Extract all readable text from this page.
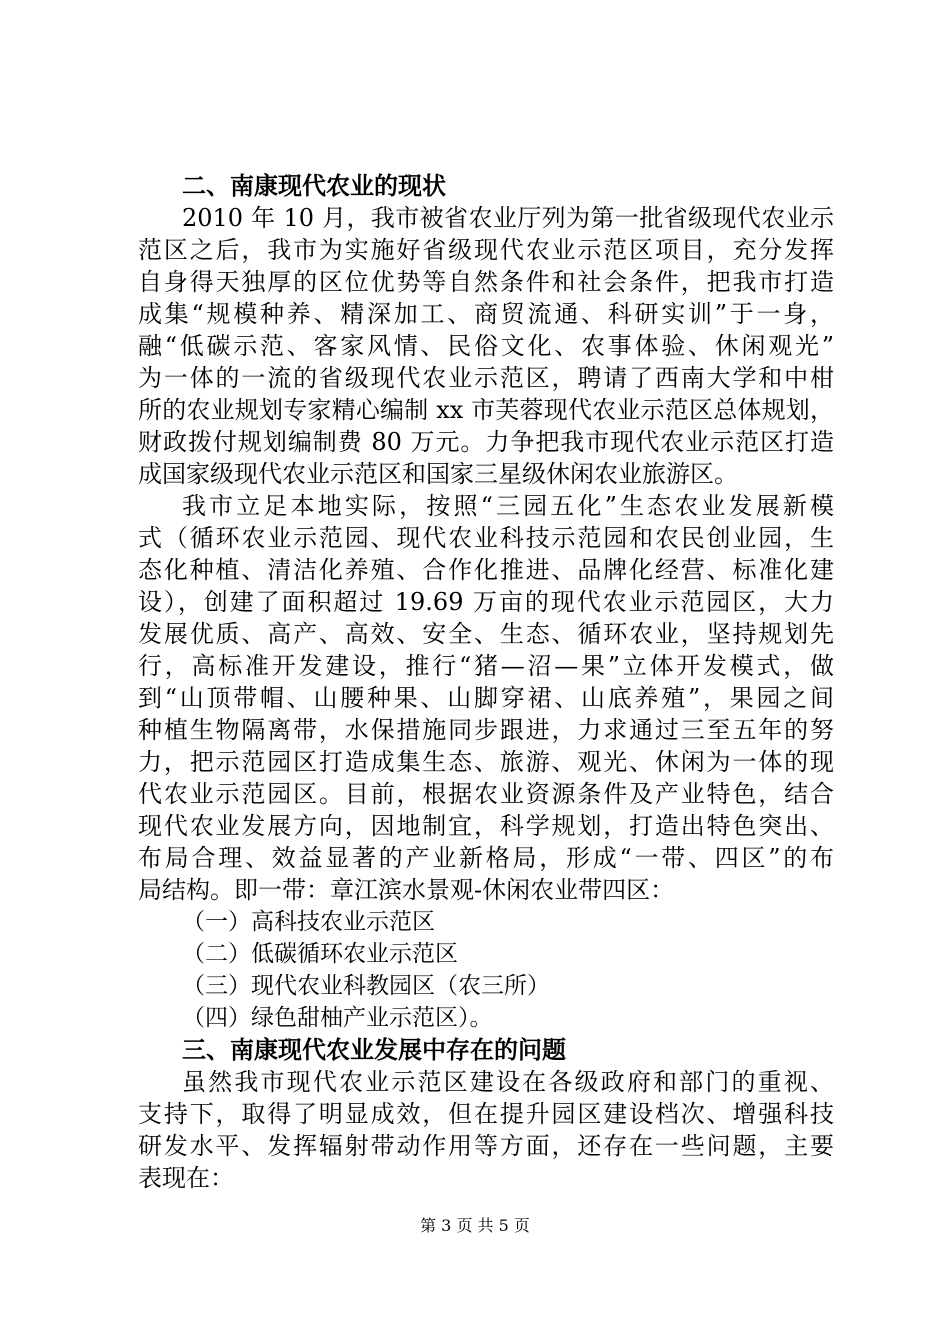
二、南康现代农业的现状
2010 年 10 月，我市被省农业厅列为第一批省级现代农业示
范区之后，我市为实施好省级现代农业示范区项目，充分发挥
自身得天独厚的区位优势等自然条件和社会条件，把我市打造
成集“规模种养、精深加工、商贸流通、科研实训”于一身，
融“低碳示范、客家风情、民俗文化、农事体验、休闲观光”
为一体的一流的省级现代农业示范区，聘请了西南大学和中柑
所的农业规划专家精心编制 xx 市芙蓉现代农业示范区总体规划，
财政拨付规划编制费 80 万元。力争把我市现代农业示范区打造
成国家级现代农业示范区和国家三星级休闲农业旅游区。
我市立足本地实际，按照“三园五化”生态农业发展新模
式（循环农业示范园、现代农业科技示范园和农民创业园，生
态化种植、清洁化养殖、合作化推进、品牌化经营、标准化建
设），创建了面积超过 19.69 万亩的现代农业示范园区，大力
发展优质、高产、高效、安全、生态、循环农业，坚持规划先
行，高标准开发建设，推行“猪—沼—果”立体开发模式，做
到“山顶带帽、山腰种果、山脚穿裙、山底养殖”，果园之间
种植生物隔离带，水保措施同步跟进，力求通过三至五年的努
力，把示范园区打造成集生态、旅游、观光、休闲为一体的现
代农业示范园区。目前，根据农业资源条件及产业特色，结合
现代农业发展方向，因地制宜，科学规划，打造出特色突出、
布局合理、效益显著的产业新格局，形成“一带、四区”的布
局结构。即一带：章江滨水景观-休闲农业带四区：
（一）高科技农业示范区
（二）低碳循环农业示范区
（三）现代农业科教园区（农三所）
（四）绿色甜柚产业示范区）。
三、南康现代农业发展中存在的问题
虽然我市现代农业示范区建设在各级政府和部门的重视、
支持下，取得了明显成效，但在提升园区建设档次、增强科技
研发水平、发挥辐射带动作用等方面，还存在一些问题，主要
表现在：
第 3 页 共 5 页
